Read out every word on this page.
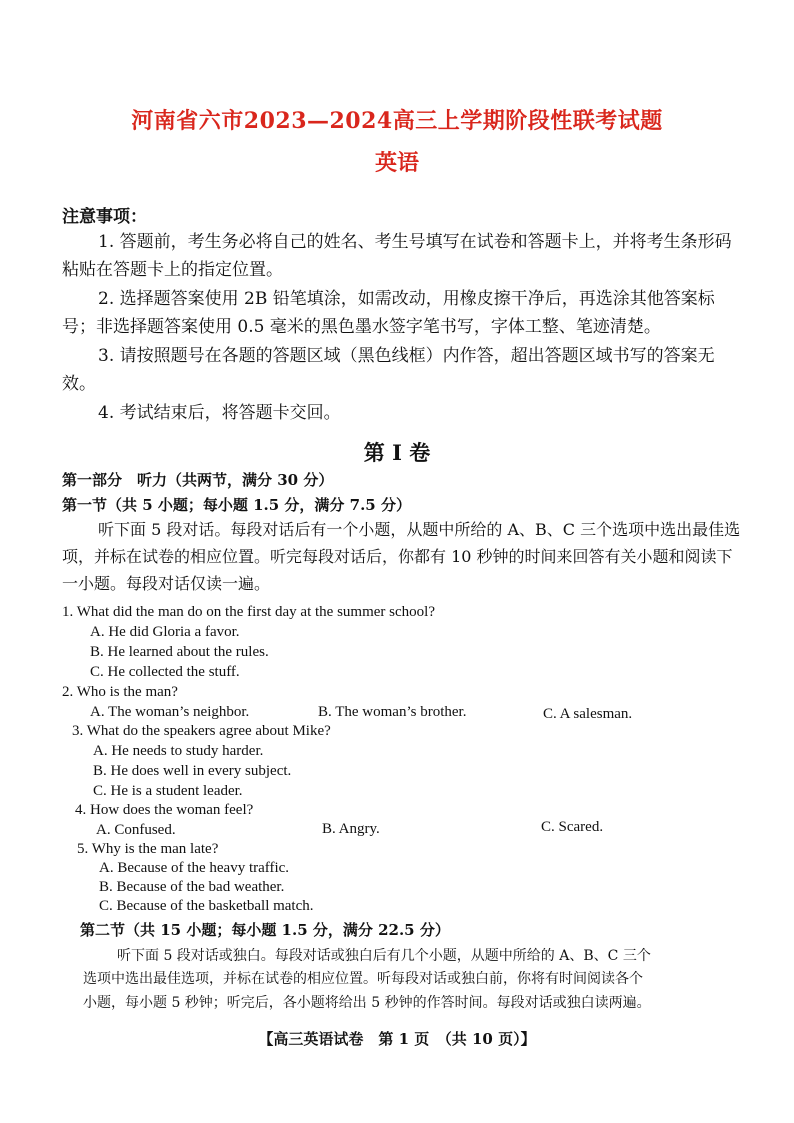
河南省六市2023—2024高三上学期阶段性联考试题
英语
注意事项：
1. 答题前，考生务必将自己的姓名、考生号填写在试卷和答题卡上，并将考生条形码粘贴在答题卡上的指定位置。
2. 选择题答案使用 2B 铅笔填涂，如需改动，用橡皮擦干净后，再选涂其他答案标号；非选择题答案使用 0.5 毫米的黑色墨水签字笔书写，字体工整、笔迹清楚。
3. 请按照题号在各题的答题区域（黑色线框）内作答，超出答题区域书写的答案无效。
4. 考试结束后，将答题卡交回。
第 I 卷
第一部分　听力（共两节，满分 30 分）
第一节（共 5 小题；每小题 1.5 分，满分 7.5 分）
听下面 5 段对话。每段对话后有一个小题，从题中所给的 A、B、C 三个选项中选出最佳选项，并标在试卷的相应位置。听完每段对话后，你都有 10 秒钟的时间来回答有关小题和阅读下一小题。每段对话仅读一遍。
1. What did the man do on the first day at the summer school?
A. He did Gloria a favor.
B. He learned about the rules.
C. He collected the stuff.
2. Who is the man?
A. The woman’s neighbor.	B. The woman’s brother.	C. A salesman.
3. What do the speakers agree about Mike?
A. He needs to study harder.
B. He does well in every subject.
C. He is a student leader.
4. How does the woman feel?
A. Confused.	B. Angry.	C. Scared.
5. Why is the man late?
A. Because of the heavy traffic.
B. Because of the bad weather.
C. Because of the basketball match.
第二节（共 15 小题；每小题 1.5 分，满分 22.5 分）
听下面 5 段对话或独白。每段对话或独白后有几个小题，从题中所给的 A、B、C 三个
选项中选出最佳选项，并标在试卷的相应位置。听每段对话或独白前，你将有时间阅读各个
小题，每小题 5 秒钟；听完后，各小题将给出 5 秒钟的作答时间。每段对话或独白读两遍。
【高三英语试卷　第 1 页　（共 10 页）】
